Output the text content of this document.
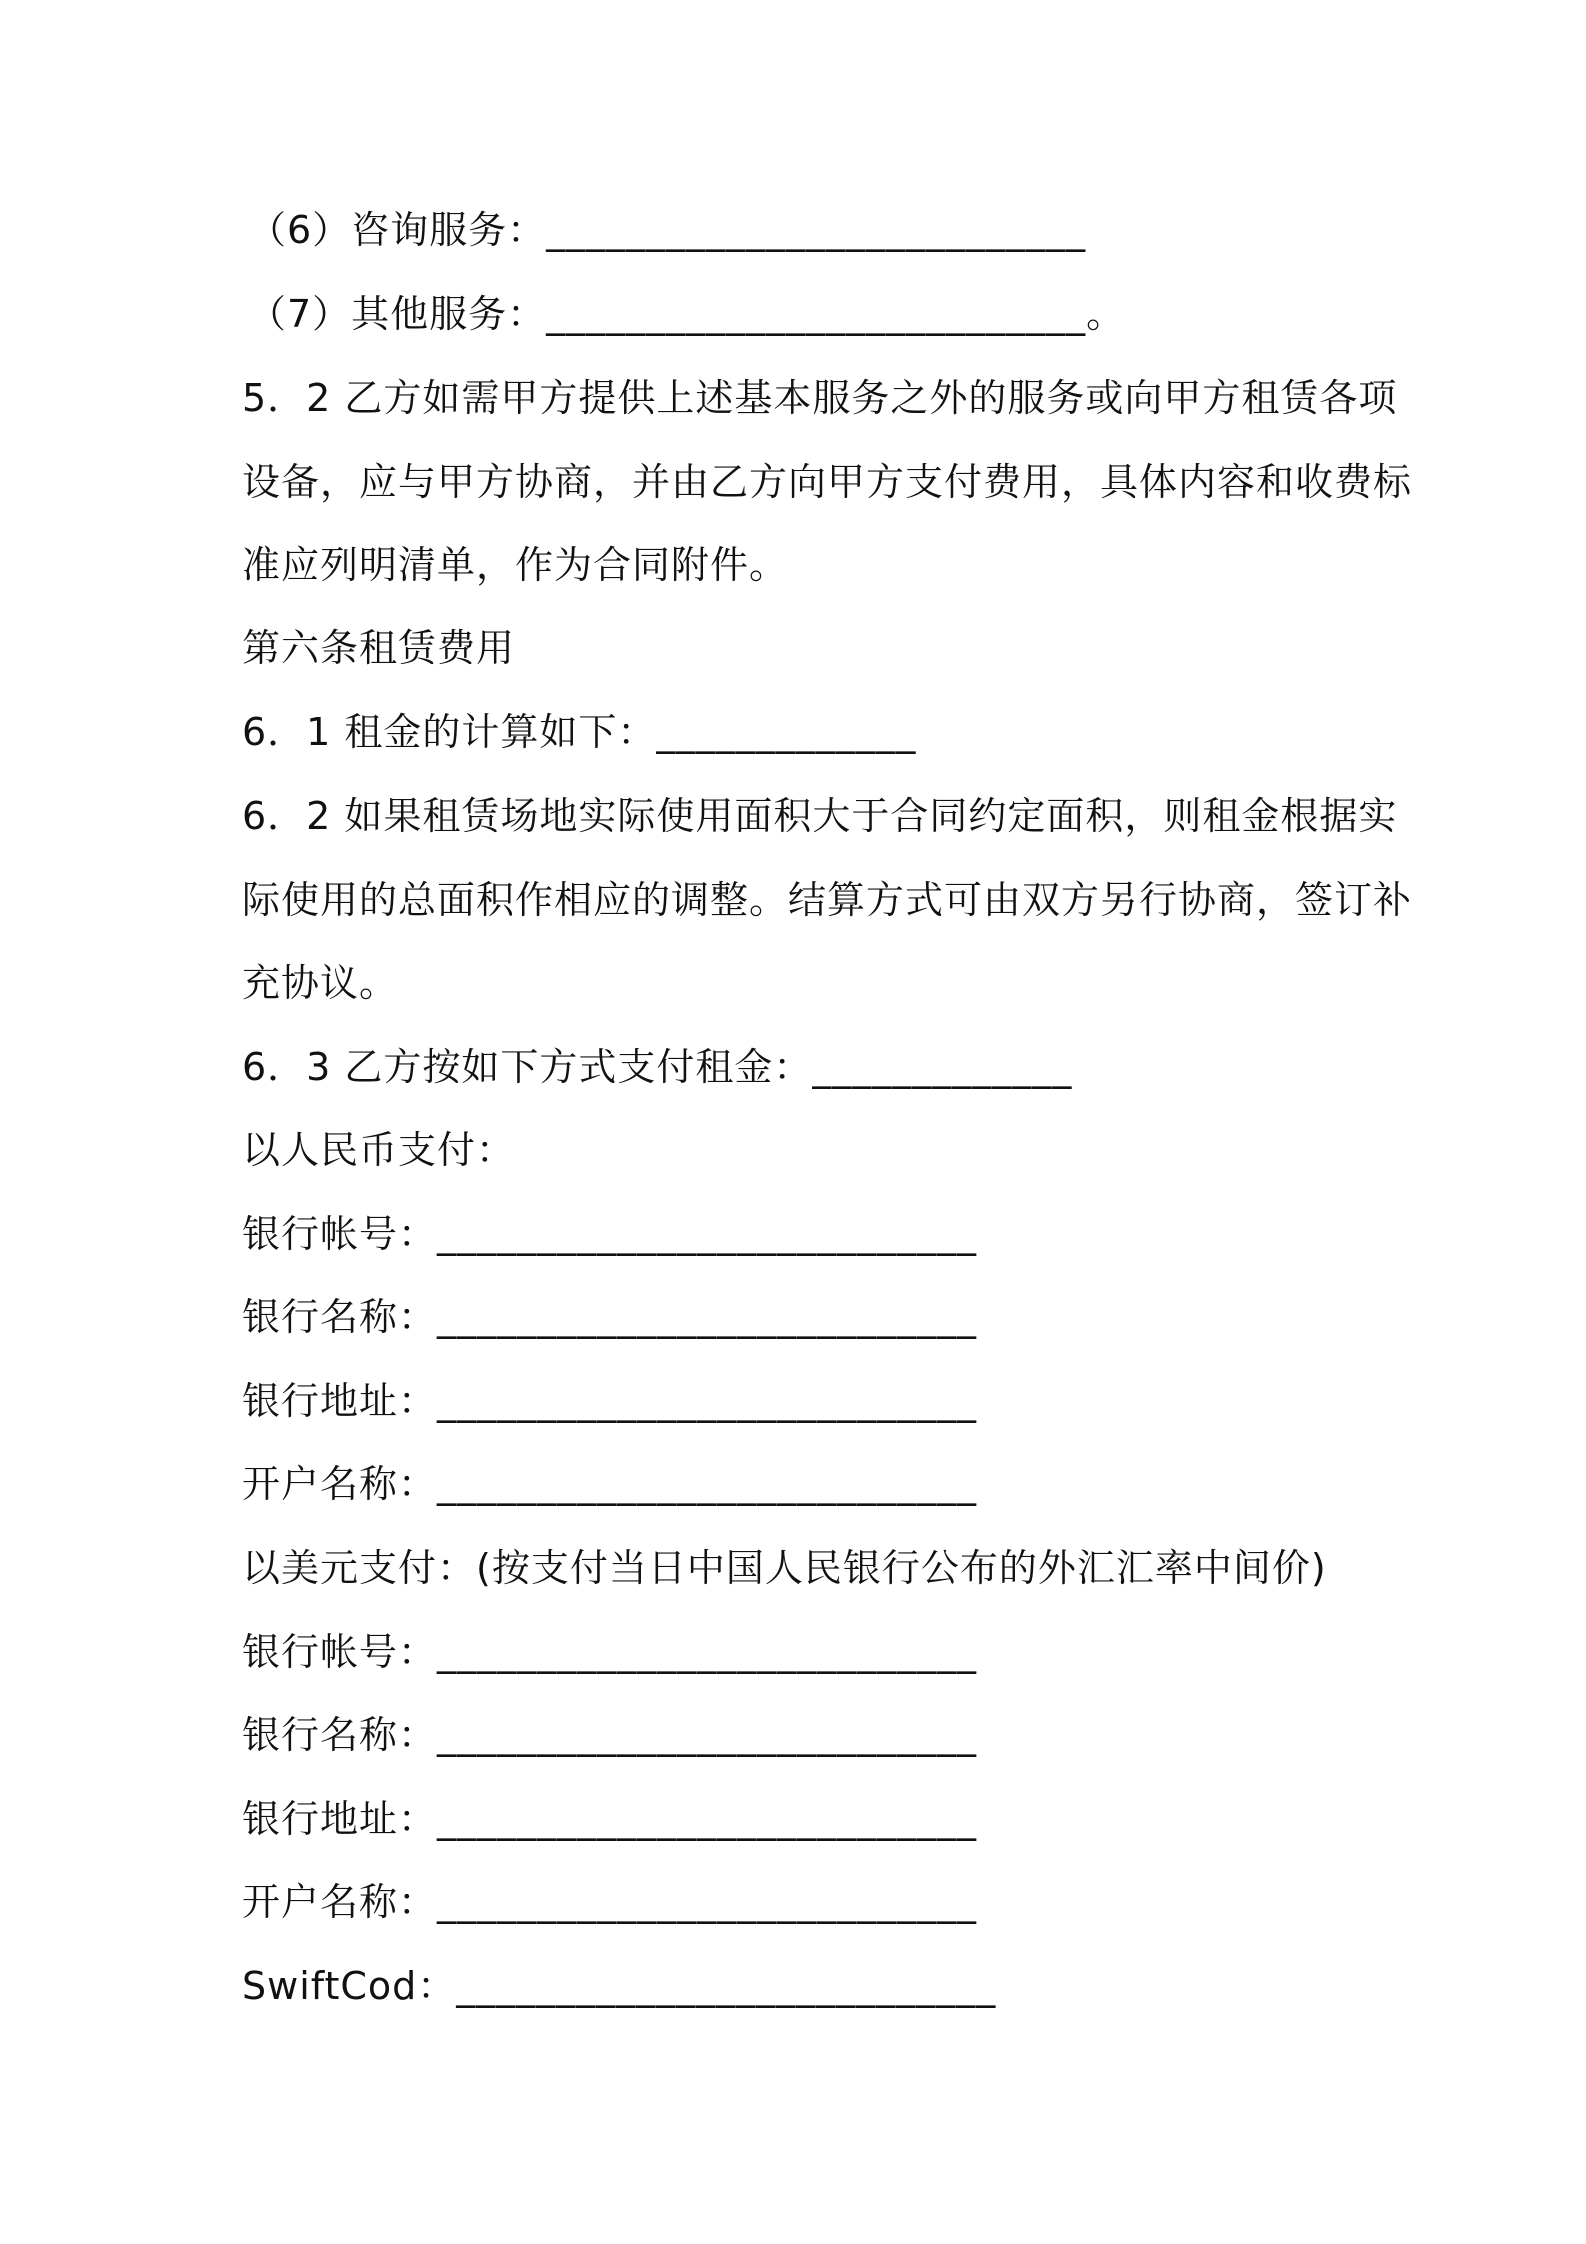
（6）咨询服务：___________________________
（7）其他服务：___________________________。
5．2 乙方如需甲方提供上述基本服务之外的服务或向甲方租赁各项
设备，应与甲方协商，并由乙方向甲方支付费用，具体内容和收费标
准应列明清单，作为合同附件。
第六条租赁费用
6．1 租金的计算如下：_____________
6．2 如果租赁场地实际使用面积大于合同约定面积，则租金根据实
际使用的总面积作相应的调整。结算方式可由双方另行协商，签订补
充协议。
6．3 乙方按如下方式支付租金：_____________
以人民币支付：
银行帐号：___________________________
银行名称：___________________________
银行地址：___________________________
开户名称：___________________________
以美元支付：(按支付当日中国人民银行公布的外汇汇率中间价)
银行帐号：___________________________
银行名称：___________________________
银行地址：___________________________
开户名称：___________________________
SwiftCod：___________________________
